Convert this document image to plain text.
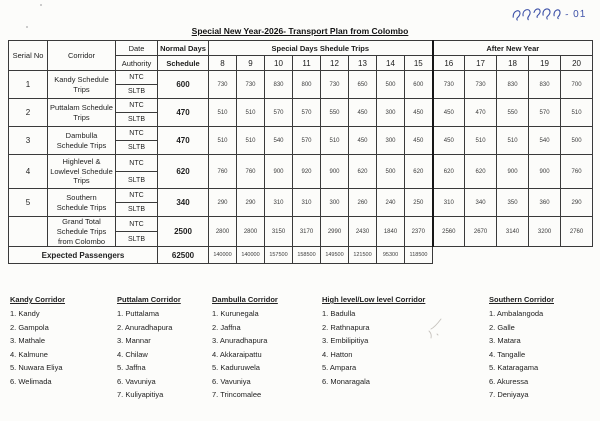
- 01
Special New Year-2026- Transport Plan from Colombo
Serial No	Corridor	Date	Normal Days	Special Days Shedule Trips								After New Year				
		Authority	Schedule	8	9	10	11	12	13	14	15	16	17	18	19	20
1	Kandy Schedule Trips	NTC	600	730	730	830	800	730	650	500	600	730	730	830	830	700
		SLTB														
2	Puttalam Schedule Trips	NTC	470	510	510	570	570	550	450	300	450	450	470	550	570	510
		SLTB														
3	Dambulla Schedule Trips	NTC	470	510	510	540	570	510	450	300	450	450	510	510	540	500
		SLTB														
4	Highlevel & Lowlevel Schedule Trips	NTC	620	760	760	900	920	900	620	500	620	620	620	900	900	760
		SLTB														
5	Southern Schedule Trips	NTC	340	290	290	310	310	300	260	240	250	310	340	350	360	290
		SLTB														
	Grand Total Schedule Trips from Colombo	NTC	2500	2800	2800	3150	3170	2990	2430	1840	2370	2560	2670	3140	3200	2760
		SLTB														
Expected Passengers			62500	140000	140000	157500	158500	149500	121500	95300	118500					
Kandy Corridor
1. Kandy
2. Gampola
3. Mathale
4. Kalmune
5. Nuwara Eliya
6. Welimada
Puttalam Corridor
1. Puttalama
2. Anuradhapura
3. Mannar
4. Chilaw
5. Jaffna
6. Vavuniya
7. Kuliyapitiya
Dambulla Corridor
1. Kurunegala
2. Jaffna
3. Anuradhapura
4. Akkaraipattu
5. Kaduruwela
6. Vavuniya
7. Trincomalee
High level/Low level Corridor
1. Badulla
2. Rathnapura
3. Embilipitiya
4. Hatton
5. Ampara
6. Monaragala
Southern Corridor
1. Ambalangoda
2. Galle
3. Matara
4. Tangalle
5. Kataragama
6. Akuressa
7. Deniyaya
